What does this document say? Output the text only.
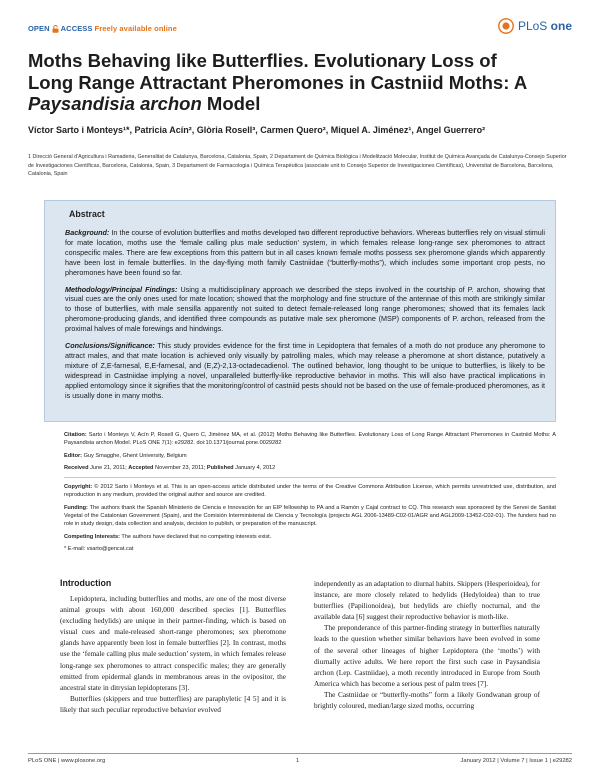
OPEN ACCESS Freely available online	PLoS one
Moths Behaving like Butterflies. Evolutionary Loss of
Long Range Attractant Pheromones in Castniid Moths: A
Paysandisia archon Model
Víctor Sarto i Monteys¹*, Patricia Acín², Glòria Rosell³, Carmen Quero², Miquel A. Jiménez¹, Angel Guerrero²
1 Direcció General d'Agricultura i Ramaderia, Generalitat de Catalunya, Barcelona, Catalonia, Spain, 2 Departament de Química Biològica i Modelització Molecular, Institut de Química Avançada de Catalunya-Consejo Superior de Investigaciones Científicas, Barcelona, Catalonia, Spain, 3 Departament de Farmacologia i Química Terapèutica (associate unit to Consejo Superior de Investigaciones Científicas), Universitat de Barcelona, Barcelona, Catalonia, Spain
Abstract

Background: In the course of evolution butterflies and moths developed two different reproductive behaviors. Whereas butterflies rely on visual stimuli for mate location, moths use the ‘female calling plus male seduction’ system, in which females release long-range sex pheromones to attract conspecific males. There are few exceptions from this pattern but in all cases known female moths possess sex pheromone glands which apparently have been lost in female butterflies. In the day-flying moth family Castniidae (“butterfly-moths”), which includes some important crop pests, no pheromones have been found so far.

Methodology/Principal Findings: Using a multidisciplinary approach we described the steps involved in the courtship of P. archon, showing that visual cues are the only ones used for mate location; showed that the morphology and fine structure of the antennae of this moth are strikingly similar to those of butterflies, with male sensilla apparently not suited to detect female-released long range pheromones; showed that its females lack pheromone-producing glands, and identified three compounds as putative male sex pheromone (MSP) components of P. archon, released from the proximal halves of male forewings and hindwings.

Conclusions/Significance: This study provides evidence for the first time in Lepidoptera that females of a moth do not produce any pheromone to attract males, and that mate location is achieved only visually by patrolling males, which may release a pheromone at short distance, putatively a mixture of Z,E-farnesal, E,E-farnesal, and (E,Z)-2,13-octadecadienol. The outlined behavior, long thought to be unique to butterflies, is likely to be widespread in Castniidae implying a novel, unparalleled butterfly-like reproductive behavior in moths. This will also have practical implications in applied entomology since it signifies that the monitoring/control of castniid pests should not be based on the use of female-produced pheromones, as it is usually done in many moths.

Citation: Sarto i Monteys V, Acín P, Rosell G, Quero C, Jiménez MA, et al. (2012) Moths Behaving like Butterflies. Evolutionary Loss of Long Range Attractant Pheromones in Castniid Moths: A Paysandisia archon Model. PLoS ONE 7(1): e29282. doi:10.1371/journal.pone.0029282

Editor: Guy Smagghe, Ghent University, Belgium

Received June 21, 2011; Accepted November 23, 2011; Published January 4, 2012

Copyright: © 2012 Sarto i Monteys et al. This is an open-access article distributed under the terms of the Creative Commons Attribution License, which permits unrestricted use, distribution, and reproduction in any medium, provided the original author and source are credited.

Funding: The authors thank the Spanish Ministerio de Ciencia e Innovación for an EIP fellowship to PA and a Ramón y Cajal contract to CQ. This research was sponsored by the Servei de Sanitat Vegetal of the Catalonian Government (Spain), and the Comisión Interministerial de Ciencia y Tecnología (projects AGL 2006-13489-C02-01/AGR and AGL2009-13452-C02-01). The funders had no role in study design, data collection and analysis, decision to publish, or preparation of the manuscript.

Competing Interests: The authors have declared that no competing interests exist.

* E-mail: vsarto@gencat.cat

Introduction

Lepidoptera, including butterflies and moths, are one of the most diverse animal groups with about 160,000 described species [1]. Butterflies (excluding hedylids) are unique in their partner-finding, which is based on visual cues and male-released short-range pheromones; sex pheromone glands have apparently been lost in female butterflies [2]. In contrast, moths use the ‘female calling plus male seduction’ system, in which females release long-range sex pheromones to attract conspecific males; they are generally emitted from epidermal glands in membranous areas in the ovipositor, the ancestral state in ditrysian lepidopterans [3].

Butterflies (skippers and true butterflies) are paraphyletic [4 5] and it is likely that such peculiar reproductive behavior evolved

independently as an adaptation to diurnal habits. Skippers (Hesperioidea), for instance, are more closely related to hedylids (Hedyloidea) than to true butterflies (Papilionoidea), but hedylids are chiefly nocturnal, and the available data [6] suggest their reproductive behavior is moth-like.

The preponderance of this partner-finding strategy in butterflies naturally leads to the question whether similar behaviors have been evolved in some of the several other lineages of higher Lepidoptera (the ‘moths’) with diurnally active adults. We here report the first such case in Paysandisia archon (Lep. Castniidae), a moth recently introduced in Europe from South America which has become a serious pest of palm trees [7].

The Castniidae or “butterfly-moths” form a likely Gondwanan group of brightly coloured, median/large sized moths, occurring

PLoS ONE | www.plosone.org	1	January 2012 | Volume 7 | Issue 1 | e29282
